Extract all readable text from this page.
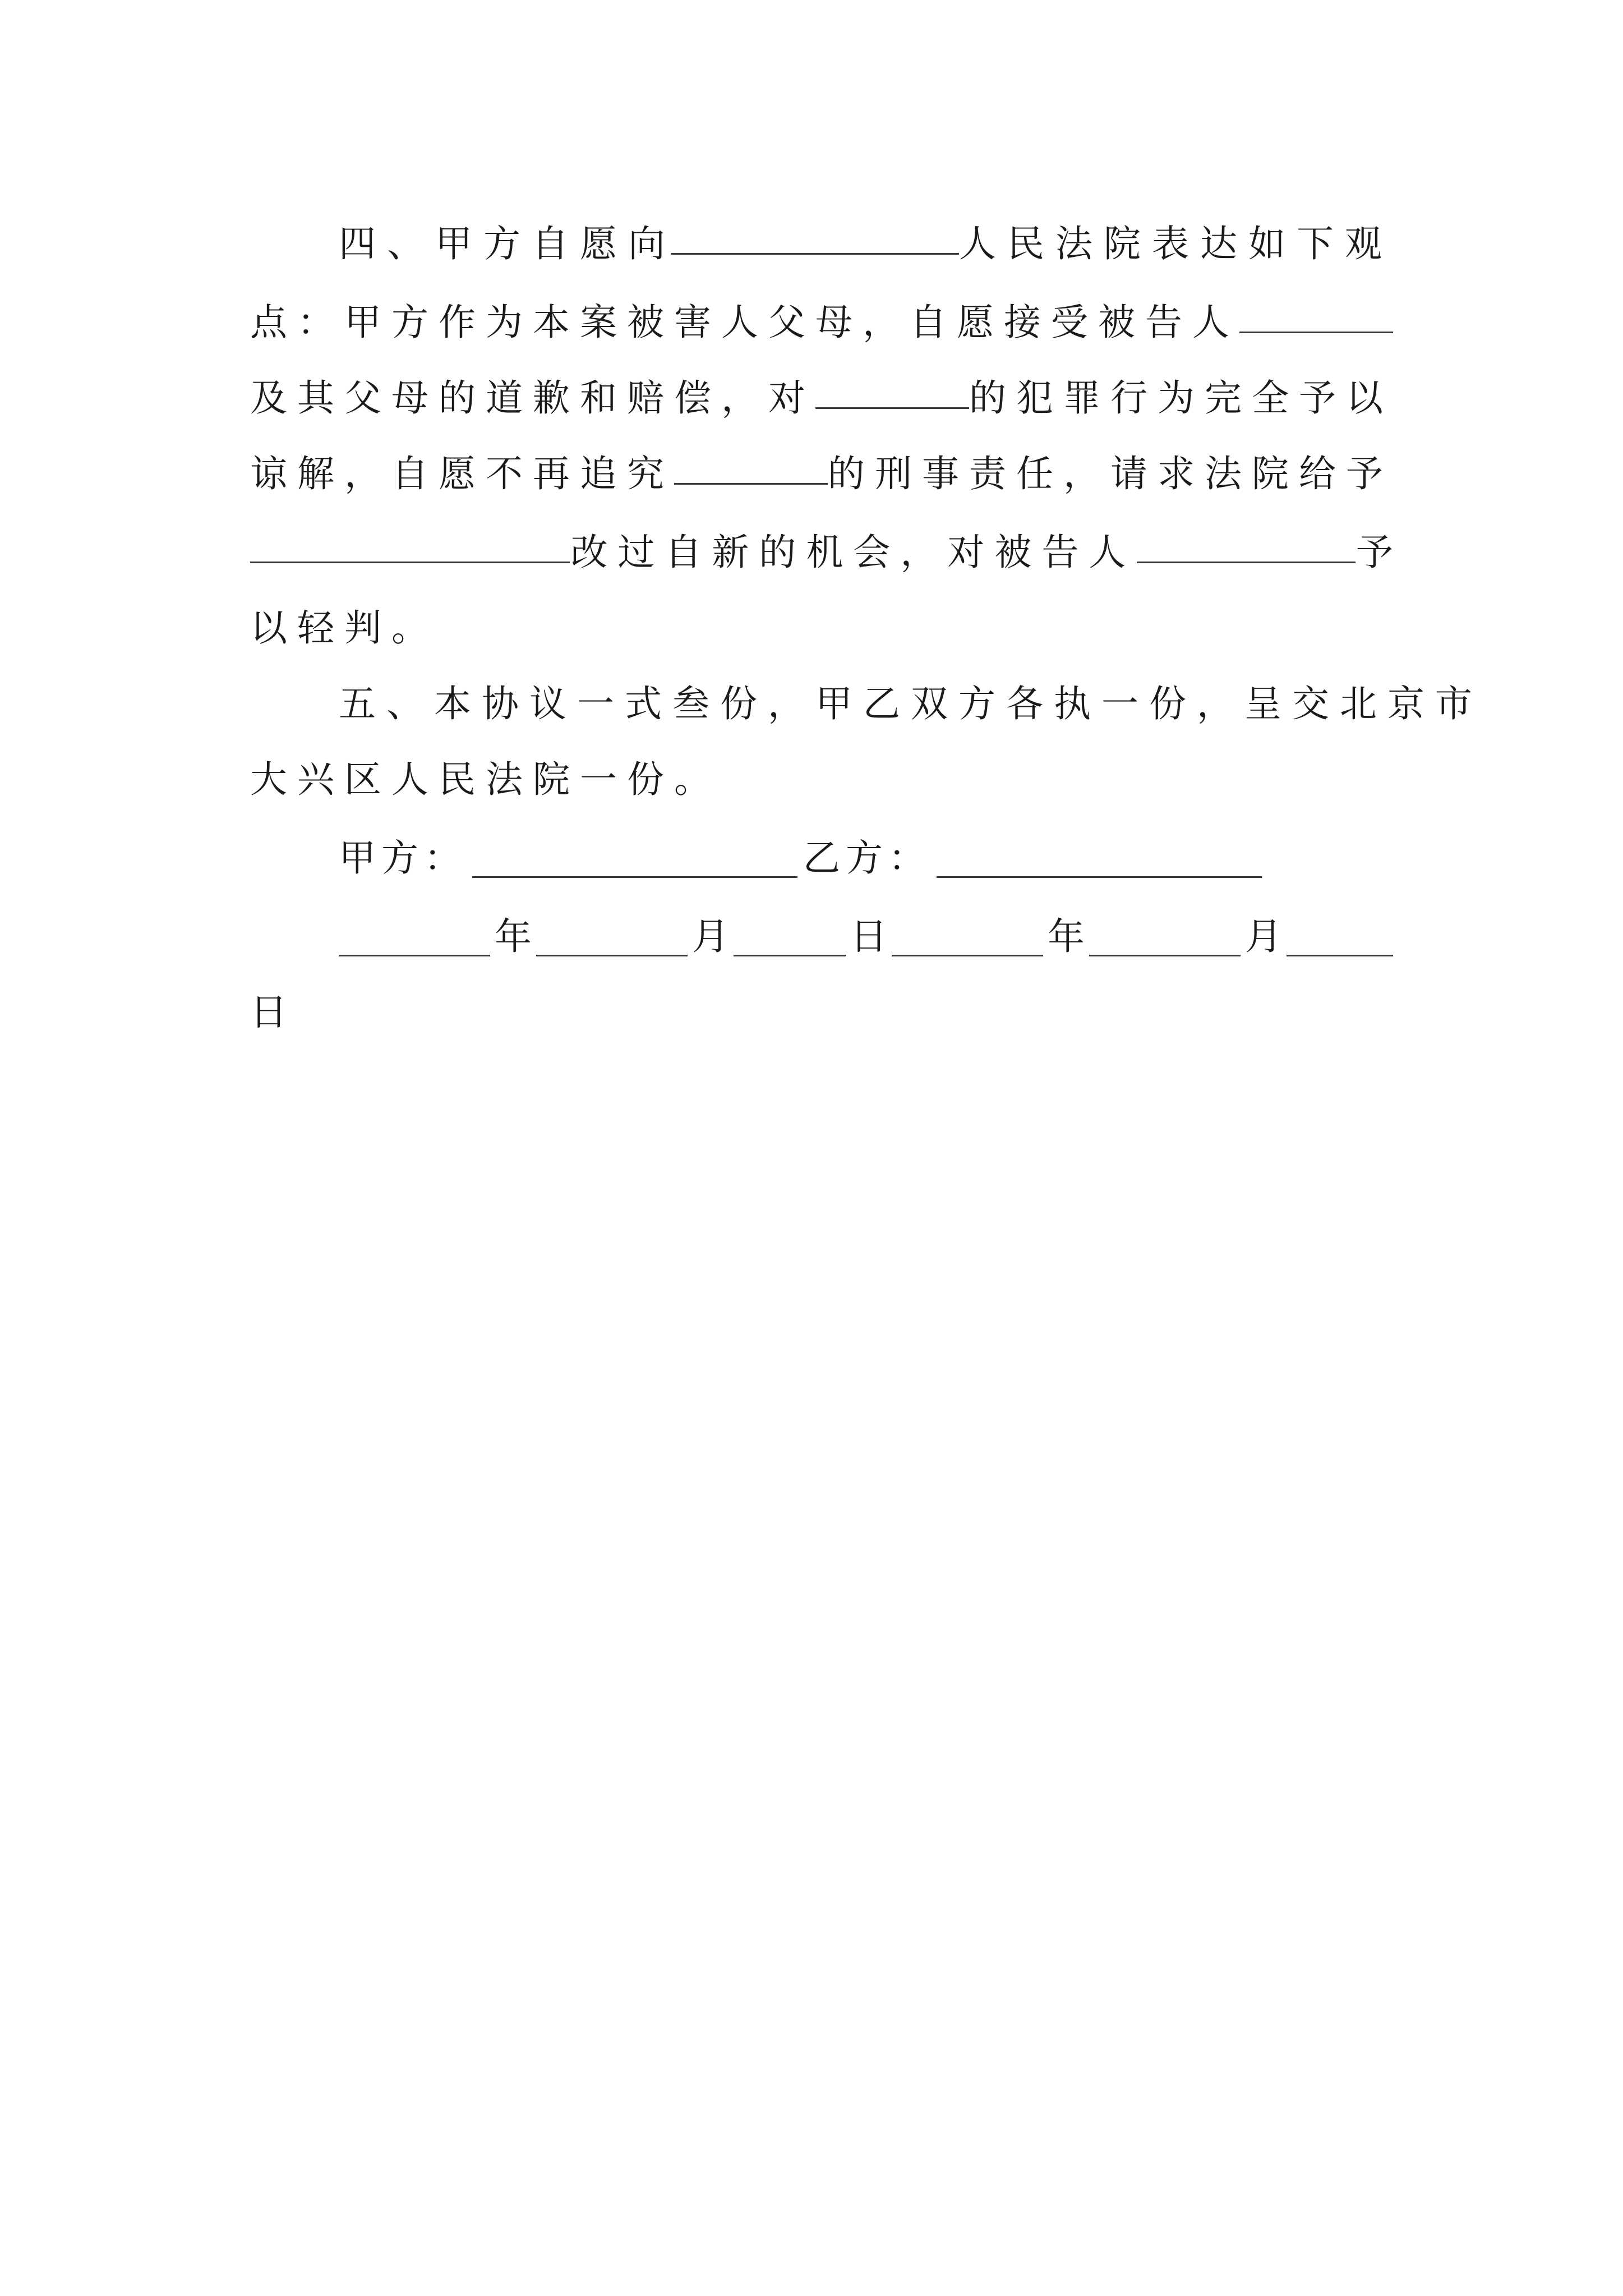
四、甲方自愿向	人民法院表达如下观
点：甲方作为本案被害人父母，自愿接受被告人
及其父母的道歉和赔偿，对	的犯罪行为完全予以
谅解，自愿不再追究	的刑事责任，请求法院给予
改过自新的机会，对被告人	予
以轻判。
五、本协议一式叁份，甲乙双方各执一份，呈交北京市
大兴区人民法院一份。
甲方：	乙方：
年	月	日	年	月
日
